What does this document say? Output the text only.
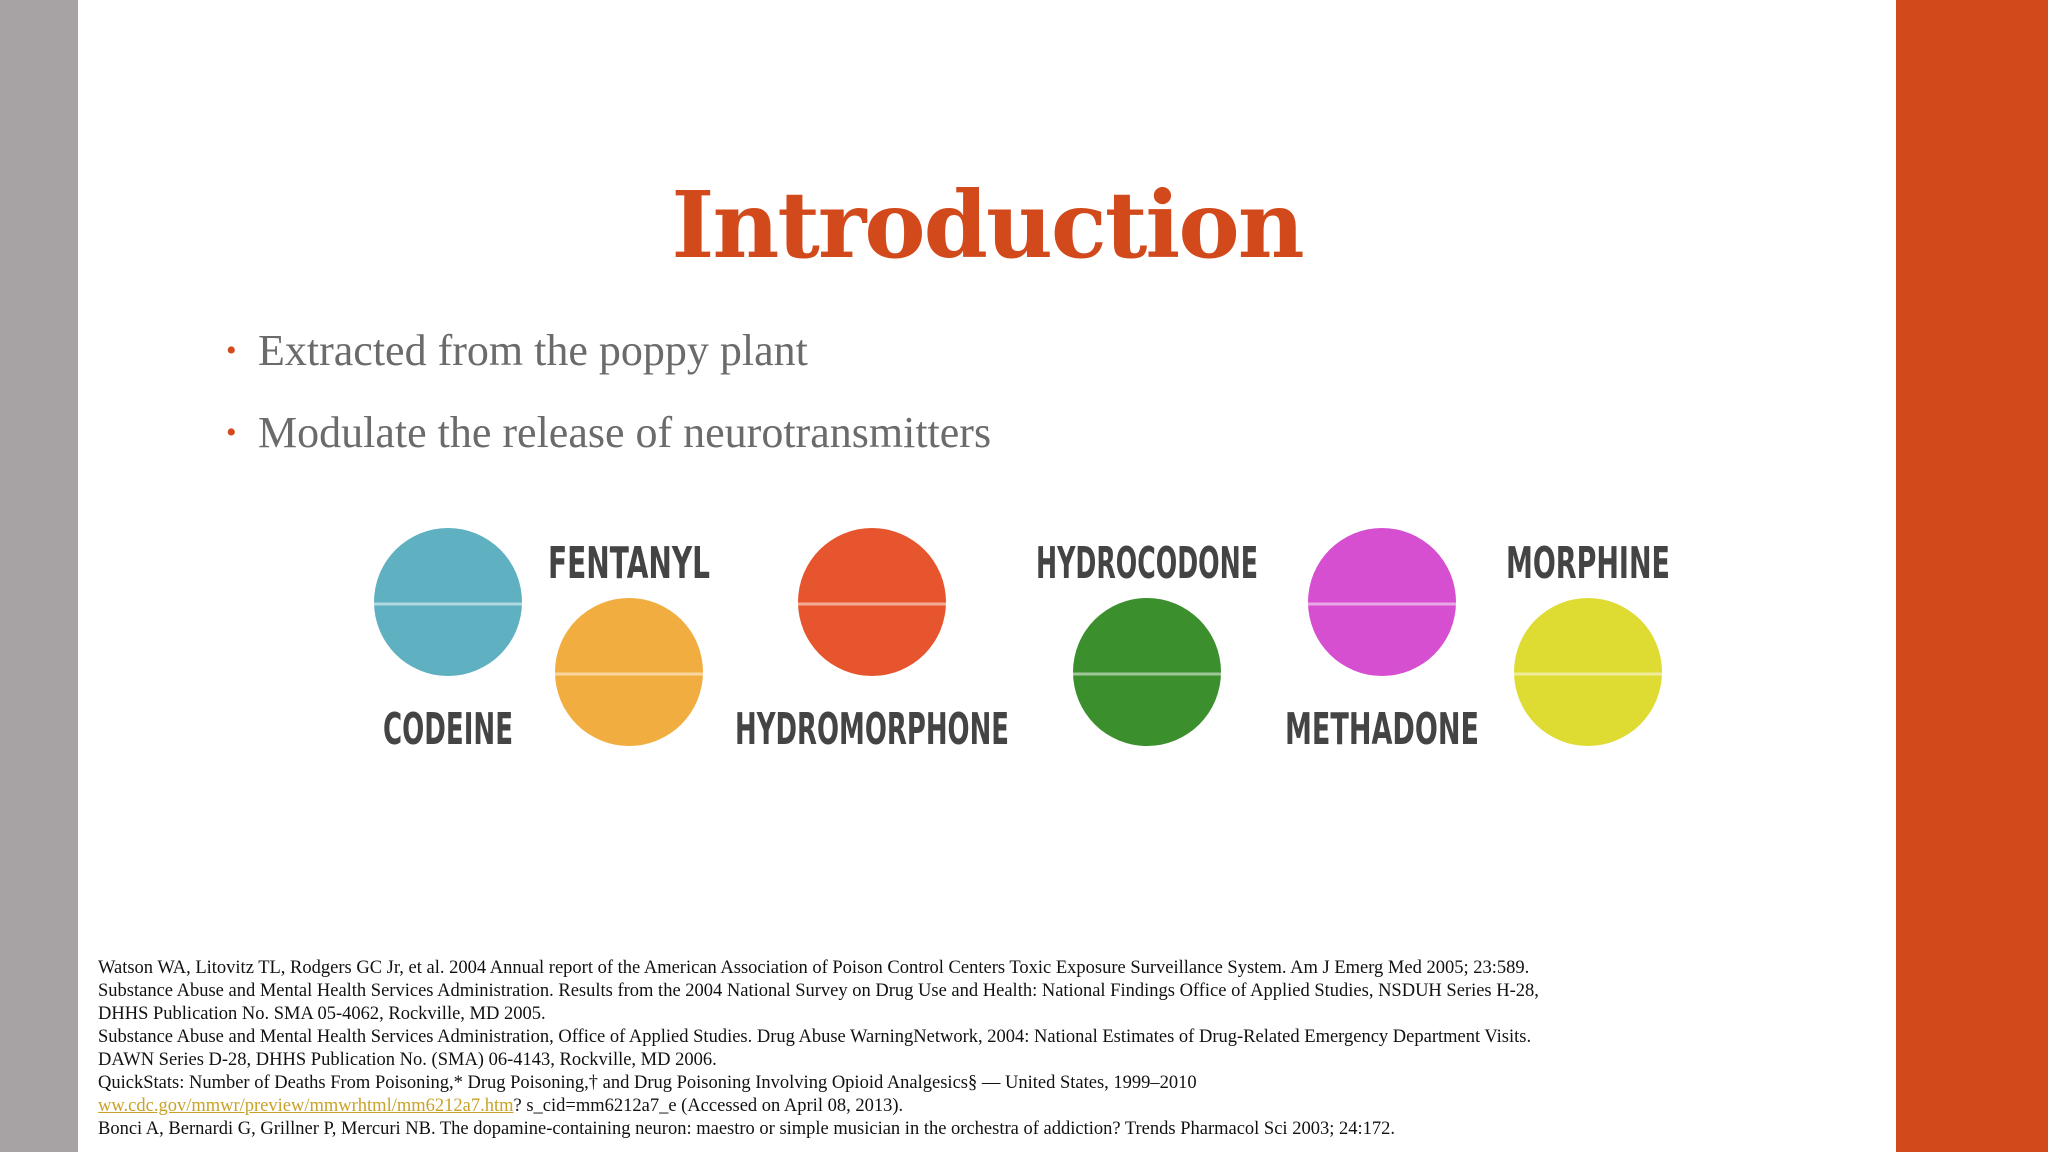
Introduction
• Extracted from the poppy plant
• Modulate the release of neurotransmitters
CODEINE
FENTANYL
HYDROMORPHONE
HYDROCODONE
METHADONE
MORPHINE
Watson WA, Litovitz TL, Rodgers GC Jr, et al. 2004 Annual report of the American Association of Poison Control Centers Toxic Exposure Surveillance System. Am J Emerg Med 2005; 23:589.
Substance Abuse and Mental Health Services Administration. Results from the 2004 National Survey on Drug Use and Health: National Findings Office of Applied Studies, NSDUH Series H-28,
DHHS Publication No. SMA 05-4062, Rockville, MD 2005.
Substance Abuse and Mental Health Services Administration, Office of Applied Studies. Drug Abuse WarningNetwork, 2004: National Estimates of Drug-Related Emergency Department Visits.
DAWN Series D-28, DHHS Publication No. (SMA) 06-4143, Rockville, MD 2006.
QuickStats: Number of Deaths From Poisoning,* Drug Poisoning,† and Drug Poisoning Involving Opioid Analgesics§ — United States, 1999–2010
ww.cdc.gov/mmwr/preview/mmwrhtml/mm6212a7.htm? s_cid=mm6212a7_e (Accessed on April 08, 2013).
Bonci A, Bernardi G, Grillner P, Mercuri NB. The dopamine-containing neuron: maestro or simple musician in the orchestra of addiction? Trends Pharmacol Sci 2003; 24:172.
